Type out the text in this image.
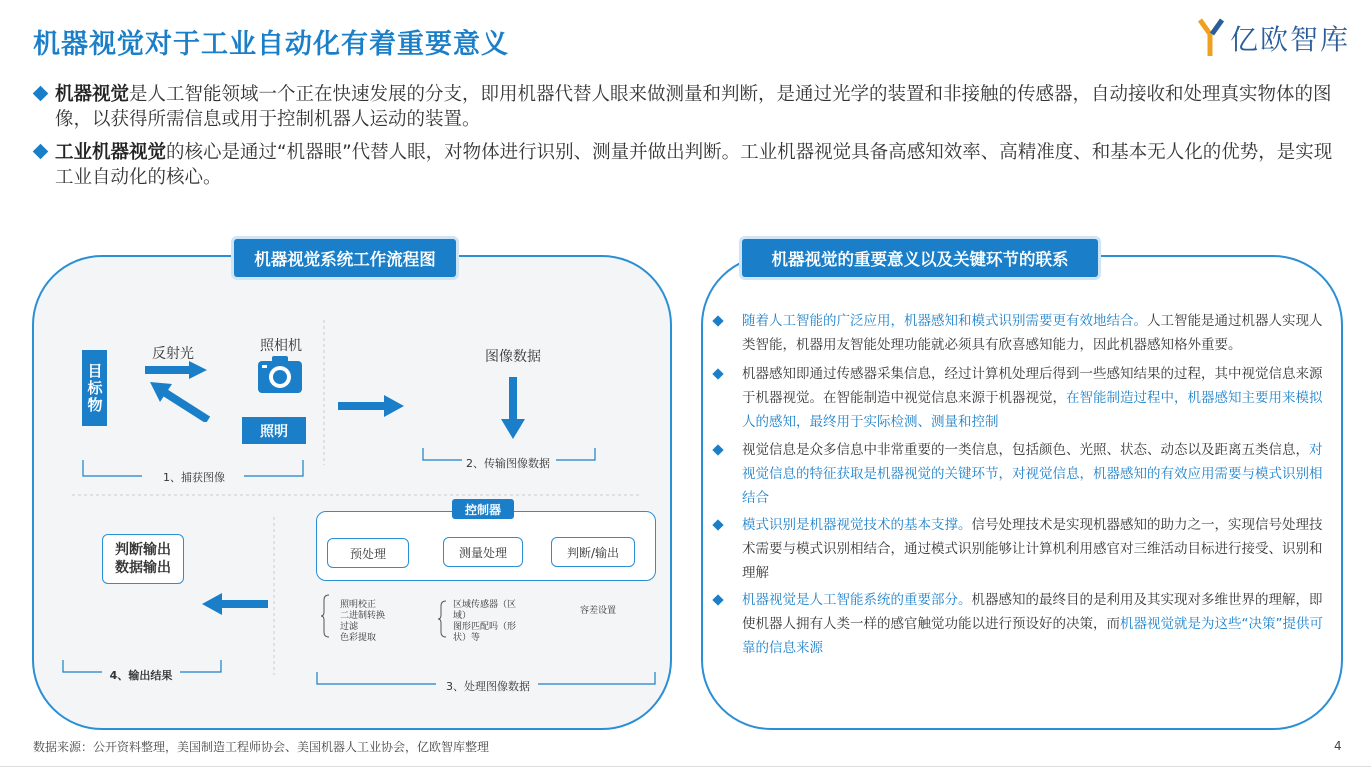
机器视觉对于工业自动化有着重要意义	亿欧智库
机器视觉是人工智能领域一个正在快速发展的分支，即用机器代替人眼来做测量和判断，是通过光学的装置和非接触的传感器，自动接收和处理真实物体的图像，以获得所需信息或用于控制机器人运动的装置。
工业机器视觉的核心是通过“机器眼”代替人眼，对物体进行识别、测量并做出判断。工业机器视觉具备高感知效率、高精准度、和基本无人化的优势，是实现工业自动化的核心。
机器视觉系统工作流程图
目标物
反射光	照相机
照明
1、捕获图像
图像数据
2、传输图像数据
控制器
预处理	测量处理	判断/输出
照明校正
二进制转换
过滤
色彩提取
区域传感器（区
域）
图形匹配吗（形
状）等
容差设置
3、处理图像数据
判断输出
数据输出
4、输出结果
机器视觉的重要意义以及关键环节的联系
随着人工智能的广泛应用，机器感知和模式识别需要更有效地结合。人工智能是通过机器人实现人类智能，机器用友智能处理功能就必须具有欣喜感知能力，因此机器感知格外重要。
机器感知即通过传感器采集信息，经过计算机处理后得到一些感知结果的过程，其中视觉信息来源于机器视觉。在智能制造中视觉信息来源于机器视觉，在智能制造过程中，机器感知主要用来模拟人的感知，最终用于实际检测、测量和控制
视觉信息是众多信息中非常重要的一类信息，包括颜色、光照、状态、动态以及距离五类信息，对视觉信息的特征获取是机器视觉的关键环节，对视觉信息，机器感知的有效应用需要与模式识别相结合
模式识别是机器视觉技术的基本支撑。信号处理技术是实现机器感知的助力之一，实现信号处理技术需要与模式识别相结合，通过模式识别能够让计算机利用感官对三维活动目标进行接受、识别和理解
机器视觉是人工智能系统的重要部分。机器感知的最终目的是利用及其实现对多维世界的理解，即使机器人拥有人类一样的感官触觉功能以进行预设好的决策，而机器视觉就是为这些“决策”提供可靠的信息来源
数据来源：公开资料整理，美国制造工程师协会、美国机器人工业协会，亿欧智库整理	4
